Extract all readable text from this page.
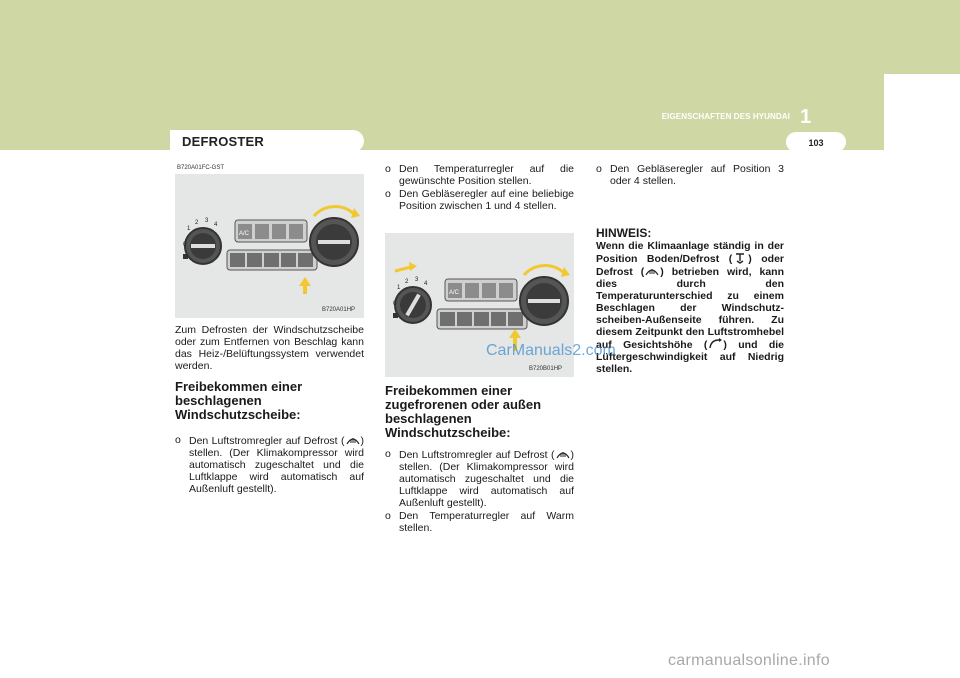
EIGENSCHAFTEN DES HYUNDAI 1
103
DEFROSTER
B720A01FC-GST
0
1
2 3
4
A/C
B720A01HP
Zum Defrosten der Windschutzscheibe oder zum Entfernen von Beschlag kann das Heiz-/Belüftungssystem verwendet werden.
Freibekommen einer beschlagenen Windschutzscheibe:
o Den Luftstromregler auf Defrost ( ) stellen. (Der Klimakompressor wird automatisch zugeschaltet und die Luftklappe wird automatisch auf Außenluft gestellt).
o Den Temperaturregler auf die gewünschte Position stellen.
o Den Gebläseregler auf eine beliebige Position zwischen 1 und 4 stellen.
0
1
2 3
4
A/C
B720B01HP
Freibekommen einer zugefrorenen oder außen beschlagenen Windschutzscheibe:
o Den Luftstromregler auf Defrost ( ) stellen. (Der Klimakompressor wird automatisch zugeschaltet und die Luftklappe wird automatisch auf Außenluft gestellt).
o Den Temperaturregler auf Warm stellen.
o Den Gebläseregler auf Position 3 oder 4 stellen.
HINWEIS:
Wenn die Klimaanlage ständig in der Position Boden/Defrost ( ) oder Defrost ( ) betrieben wird, kann dies durch den Temperaturunterschied zu einem Beschlagen der Windschutz-scheiben-Außenseite führen. Zu diesem Zeitpunkt den Luftstromhebel auf Gesichtshöhe ( ) und die Lüftergeschwindigkeit auf Niedrig stellen.
CarManuals2.com
carmanualsonline.info
